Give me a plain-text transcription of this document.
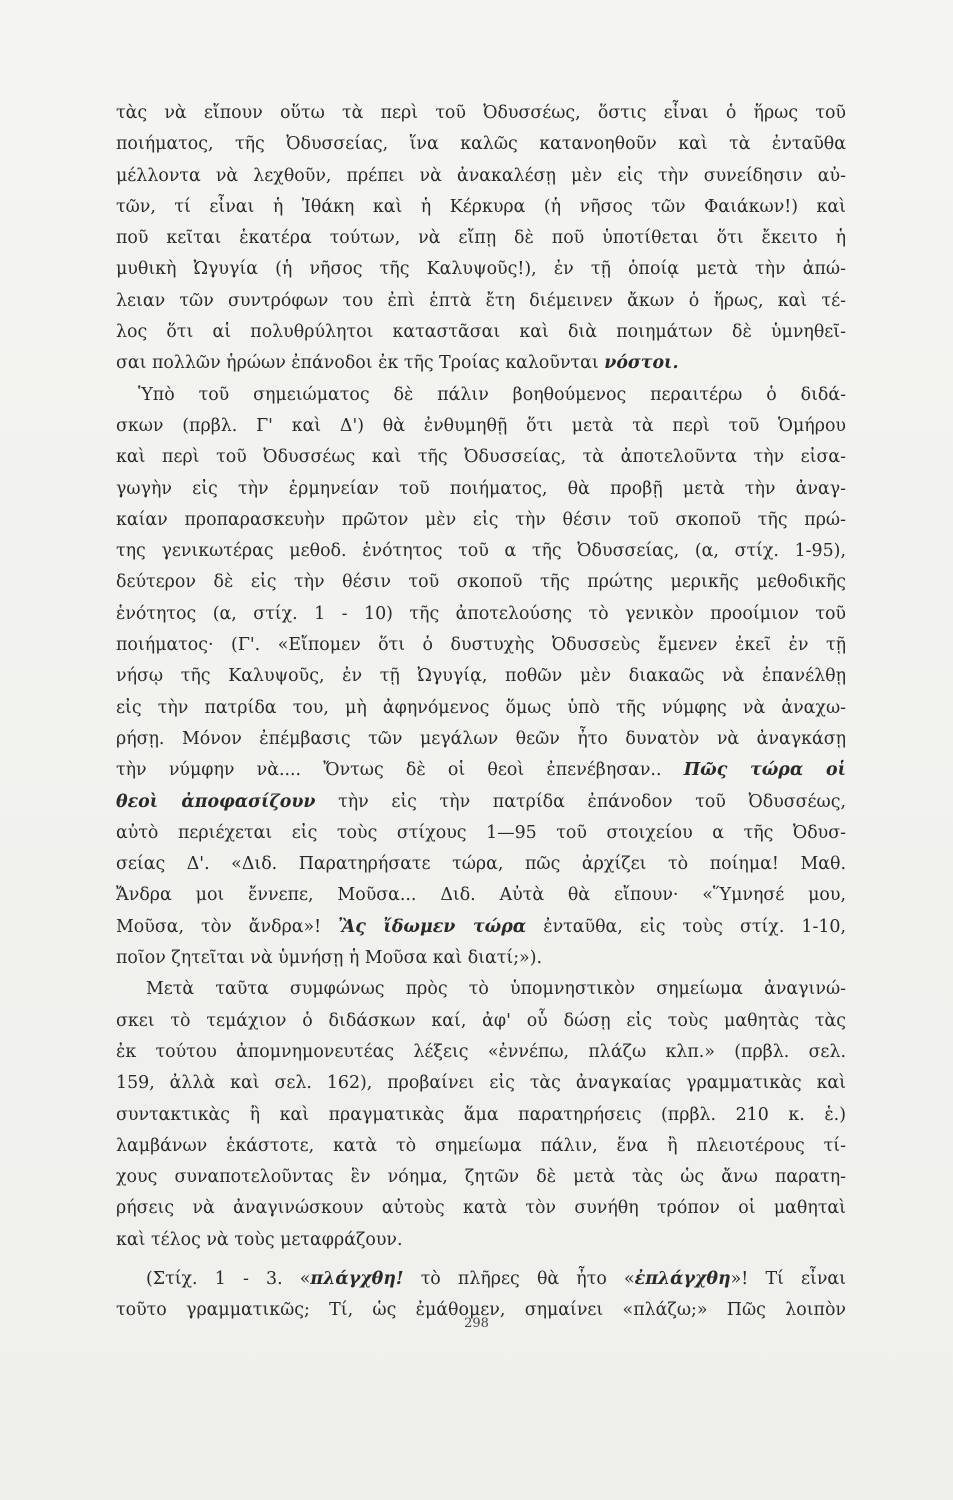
τὰς νὰ εἴπουν οὕτω τὰ περὶ τοῦ Ὀδυσσέως, ὅστις εἶναι ὁ ἥρως τοῦ
ποιήματος, τῆς Ὀδυσσείας, ἵνα καλῶς κατανοηθοῦν καὶ τὰ ἐνταῦθα
μέλλοντα νὰ λεχθοῦν, πρέπει νὰ ἀνακαλέσῃ μὲν εἰς τὴν συνείδησιν αὐ-
τῶν, τί εἶναι ἡ Ἰθάκη καὶ ἡ Κέρκυρα (ἡ νῆσος τῶν Φαιάκων!) καὶ
ποῦ κεῖται ἑκατέρα τούτων, νὰ εἴπῃ δὲ ποῦ ὑποτίθεται ὅτι ἔκειτο ἡ
μυθικὴ Ὠγυγία (ἡ νῆσος τῆς Καλυψοῦς!), ἐν τῇ ὁποίᾳ μετὰ τὴν ἀπώ-
λειαν τῶν συντρόφων του ἐπὶ ἑπτὰ ἔτη διέμεινεν ἄκων ὁ ἥρως, καὶ τέ-
λος ὅτι αἱ πολυθρύλητοι καταστᾶσαι καὶ διὰ ποιημάτων δὲ ὑμνηθεῖ-
σαι πολλῶν ἡρώων ἐπάνοδοι ἐκ τῆς Τροίας καλοῦνται νόστοι.
Ὑπὸ τοῦ σημειώματος δὲ πάλιν βοηθούμενος περαιτέρω ὁ διδά-
σκων (πρβλ. Γ' καὶ Δ') θὰ ἐνθυμηθῇ ὅτι μετὰ τὰ περὶ τοῦ Ὁμήρου
καὶ περὶ τοῦ Ὀδυσσέως καὶ τῆς Ὀδυσσείας, τὰ ἀποτελοῦντα τὴν εἰσα-
γωγὴν εἰς τὴν ἑρμηνείαν τοῦ ποιήματος, θὰ προβῇ μετὰ τὴν ἀναγ-
καίαν προπαρασκευὴν πρῶτον μὲν εἰς τὴν θέσιν τοῦ σκοποῦ τῆς πρώ-
της γενικωτέρας μεθοδ. ἑνότητος τοῦ α τῆς Ὀδυσσείας, (α, στίχ. 1-95),
δεύτερον δὲ εἰς τὴν θέσιν τοῦ σκοποῦ τῆς πρώτης μερικῆς μεθοδικῆς
ἑνότητος (α, στίχ. 1 - 10) τῆς ἀποτελούσης τὸ γενικὸν προοίμιον τοῦ
ποιήματος· (Γ'. «Εἴπομεν ὅτι ὁ δυστυχὴς Ὀδυσσεὺς ἔμενεν ἐκεῖ ἐν τῇ
νήσῳ τῆς Καλυψοῦς, ἐν τῇ Ὠγυγίᾳ, ποθῶν μὲν διακαῶς νὰ ἐπανέλθῃ
εἰς τὴν πατρίδα του, μὴ ἀφηνόμενος ὅμως ὑπὸ τῆς νύμφης νὰ ἀναχω-
ρήσῃ. Μόνον ἐπέμβασις τῶν μεγάλων θεῶν ἦτο δυνατὸν νὰ ἀναγκάσῃ
τὴν νύμφην νὰ.... Ὄντως δὲ οἱ θεοὶ ἐπενέβησαν.. Πῶς τώρα οἱ
θεοὶ ἀποφασίζουν τὴν εἰς τὴν πατρίδα ἐπάνοδον τοῦ Ὀδυσσέως,
αὐτὸ περιέχεται εἰς τοὺς στίχους 1—95 τοῦ στοιχείου α τῆς Ὀδυσ-
σείας Δ'. «Διδ. Παρατηρήσατε τώρα, πῶς ἀρχίζει τὸ ποίημα! Μαθ.
Ἄνδρα μοι ἔννεπε, Μοῦσα... Διδ. Αὐτὰ θὰ εἴπουν· «Ὕμνησέ μου,
Μοῦσα, τὸν ἄνδρα»! Ἂς ἴδωμεν τώρα ἐνταῦθα, εἰς τοὺς στίχ. 1-10,
ποῖον ζητεῖται νὰ ὑμνήσῃ ἡ Μοῦσα καὶ διατί;»).
Μετὰ ταῦτα συμφώνως πρὸς τὸ ὑπομνηστικὸν σημείωμα ἀναγινώ-
σκει τὸ τεμάχιον ὁ διδάσκων καί, ἀφ' οὗ δώσῃ εἰς τοὺς μαθητὰς τὰς
ἐκ τούτου ἀπομνημονευτέας λέξεις «ἐννέπω, πλάζω κλπ.» (πρβλ. σελ.
159, ἀλλὰ καὶ σελ. 162), προβαίνει εἰς τὰς ἀναγκαίας γραμματικὰς καὶ
συντακτικὰς ἢ καὶ πραγματικὰς ἅμα παρατηρήσεις (πρβλ. 210 κ. ἑ.)
λαμβάνων ἑκάστοτε, κατὰ τὸ σημείωμα πάλιν, ἕνα ἢ πλειοτέρους τί-
χους συναποτελοῦντας ἓν νόημα, ζητῶν δὲ μετὰ τὰς ὡς ἄνω παρατη-
ρήσεις νὰ ἀναγινώσκουν αὐτοὺς κατὰ τὸν συνήθη τρόπον οἱ μαθηταὶ
καὶ τέλος νὰ τοὺς μεταφράζουν.
(Στίχ. 1 - 3. «πλάγχθη! τὸ πλῆρες θὰ ἦτο «ἐπλάγχθη»! Τί εἶναι
τοῦτο γραμματικῶς; Τί, ὡς ἐμάθομεν, σημαίνει «πλάζω;» Πῶς λοιπὸν
298
